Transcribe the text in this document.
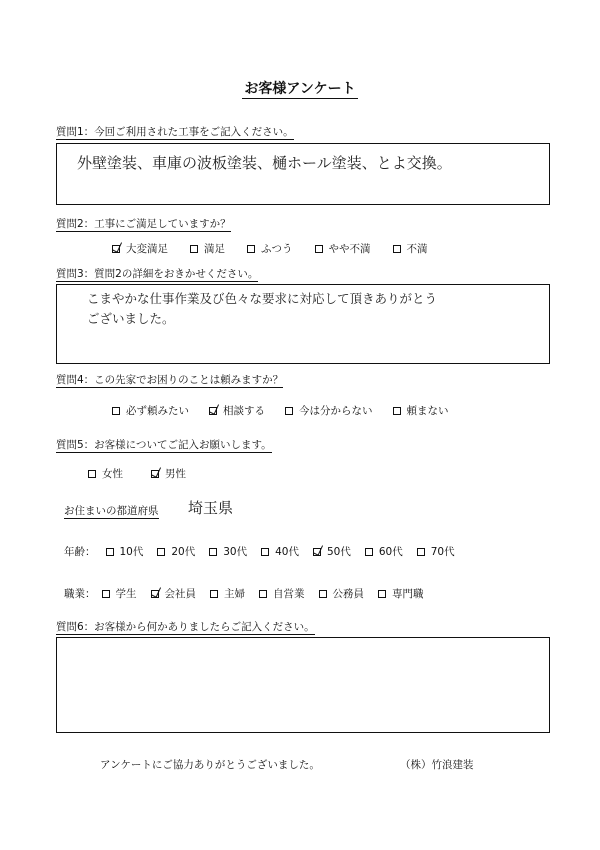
お客様アンケート
質問1：今回ご利用された工事をご記入ください。
外壁塗装、車庫の波板塗装、樋ホール塗装、とよ交換。
質問2：工事にご満足していますか？
大変満足	満足	ふつう	やや不満	不満
質問3：質問2の詳細をおきかせください。
こまやかな仕事作業及び色々な要求に対応して頂きありがとう
ございました。
質問4：この先家でお困りのことは頼みますか？
必ず頼みたい	相談する	今は分からない	頼まない
質問5：お客様についてご記入お願いします。
女性	男性
お住まいの都道府県 埼玉県
年齢： 10代	20代	30代	40代	50代	60代	70代
職業： 学生	会社員	主婦	自営業	公務員	専門職
質問6：お客様から何かありましたらご記入ください。
アンケートにご協力ありがとうございました。	（株）竹浪建装
